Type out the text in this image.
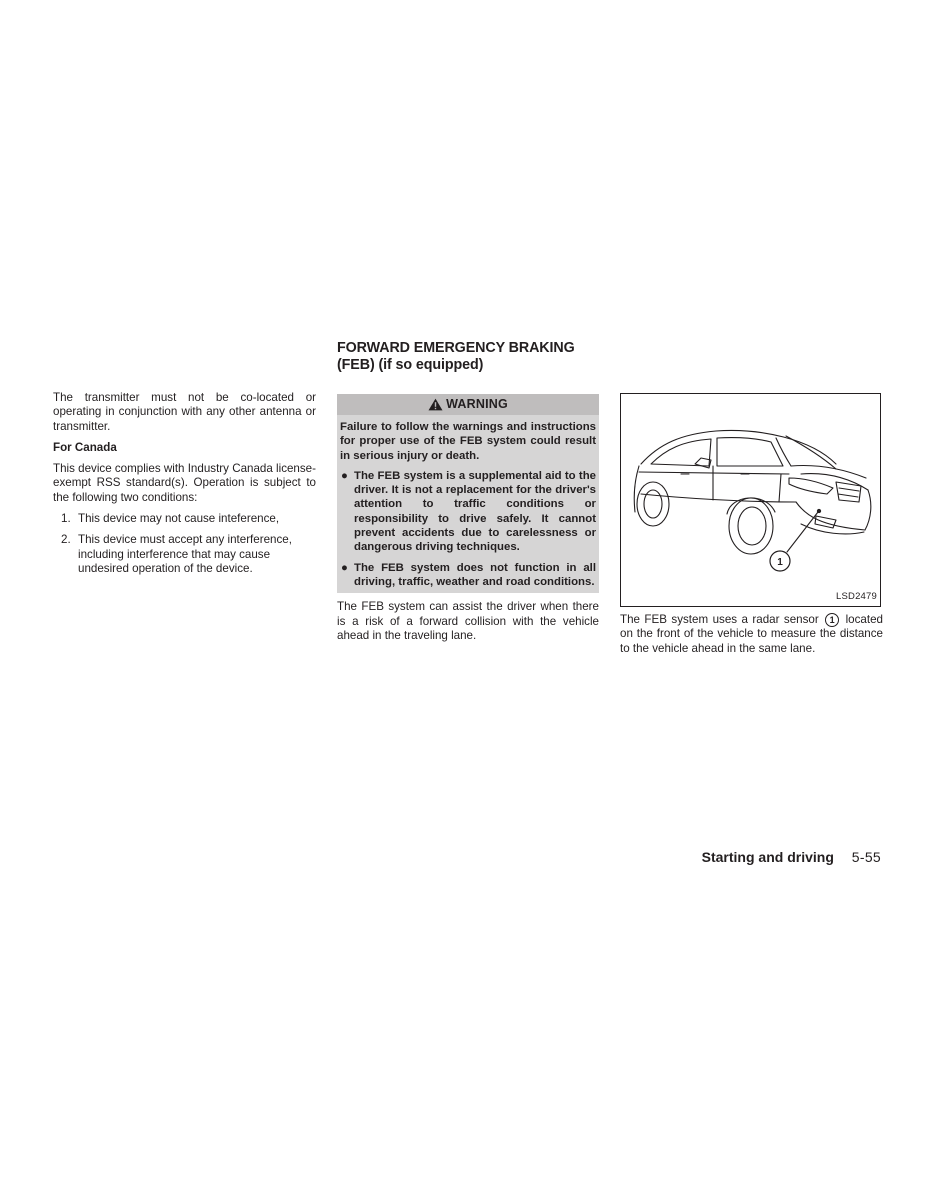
The transmitter must not be co-located or operating in conjunction with any other antenna or transmitter.

For Canada

This device complies with Industry Canada license-exempt RSS standard(s). Operation is subject to the following two conditions:

1. This device may not cause inteference,
2. This device must accept any interference, including interference that may cause undesired operation of the device.
FORWARD EMERGENCY BRAKING
(FEB) (if so equipped)
WARNING

Failure to follow the warnings and instructions for proper use of the FEB system could result in serious injury or death.

● The FEB system is a supplemental aid to the driver. It is not a replacement for the driver's attention to traffic conditions or responsibility to drive safely. It cannot prevent accidents due to carelessness or dangerous driving techniques.
● The FEB system does not function in all driving, traffic, weather and road conditions.

The FEB system can assist the driver when there is a risk of a forward collision with the vehicle ahead in the traveling lane.

1
LSD2479

The FEB system uses a radar sensor 1 located on the front of the vehicle to measure the distance to the vehicle ahead in the same lane.

Starting and driving 5-55
